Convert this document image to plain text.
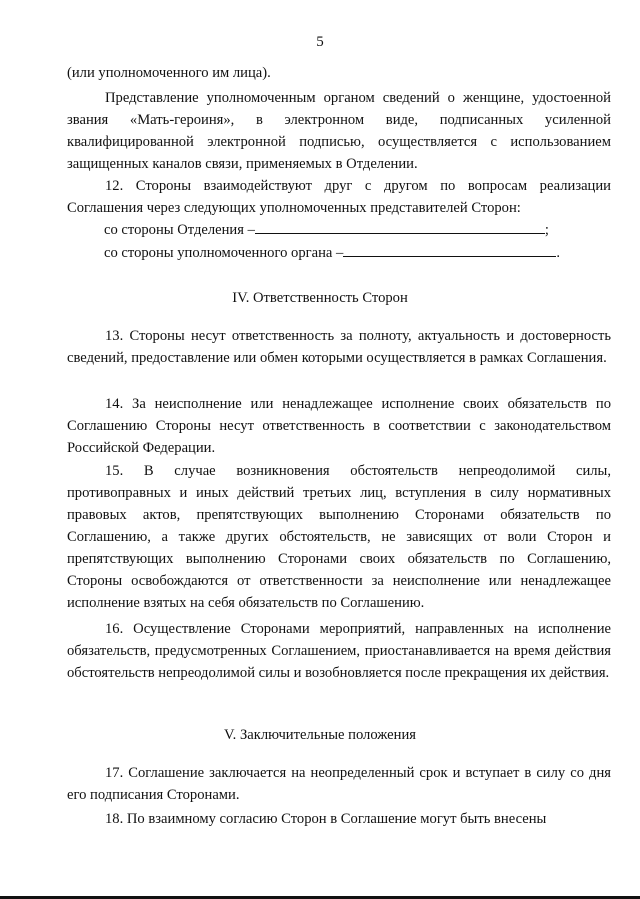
5
(или уполномоченного им лица).
Представление уполномоченным органом сведений о женщине, удостоенной звания «Мать-героиня», в электронном виде, подписанных усиленной квалифицированной электронной подписью, осуществляется с использованием защищенных каналов связи, применяемых в Отделении.
12. Стороны взаимодействуют друг с другом по вопросам реализации Соглашения через следующих уполномоченных представителей Сторон:
со стороны Отделения –	;
со стороны уполномоченного органа –	.
IV. Ответственность Сторон
13. Стороны несут ответственность за полноту, актуальность и достоверность сведений, предоставление или обмен которыми осуществляется в рамках Соглашения.
14. За неисполнение или ненадлежащее исполнение своих обязательств по Соглашению Стороны несут ответственность в соответствии с законодательством Российской Федерации.
15. В случае возникновения обстоятельств непреодолимой силы, противоправных и иных действий третьих лиц, вступления в силу нормативных правовых актов, препятствующих выполнению Сторонами обязательств по Соглашению, а также других обстоятельств, не зависящих от воли Сторон и препятствующих выполнению Сторонами своих обязательств по Соглашению, Стороны освобождаются от ответственности за неисполнение или ненадлежащее исполнение взятых на себя обязательств по Соглашению.
16. Осуществление Сторонами мероприятий, направленных на исполнение обязательств, предусмотренных Соглашением, приостанавливается на время действия обстоятельств непреодолимой силы и возобновляется после прекращения их действия.
V. Заключительные положения
17. Соглашение заключается на неопределенный срок и вступает в силу со дня его подписания Сторонами.
18. По взаимному согласию Сторон в Соглашение могут быть внесены
